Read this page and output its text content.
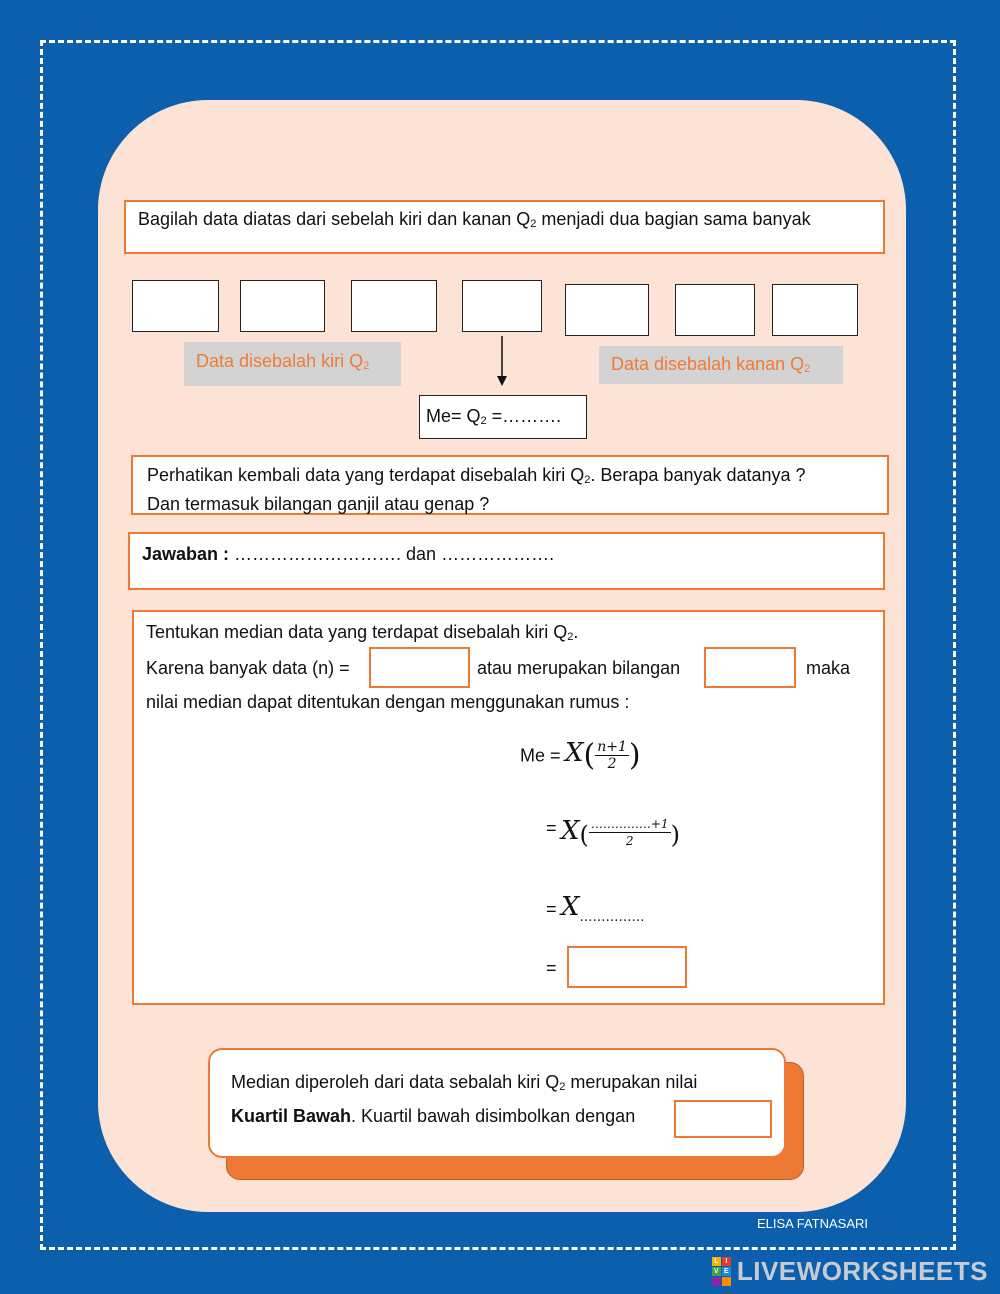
Bagilah data diatas dari sebelah kiri dan kanan Q2 menjadi dua bagian sama banyak
Data disebalah kiri Q2	Data disebalah kanan Q2
Me= Q2 =……….
Perhatikan kembali data yang terdapat disebalah kiri Q2. Berapa banyak datanya ?
Dan termasuk bilangan ganjil atau genap ?
Jawaban : ………………………. dan ……………….
Tentukan median data yang terdapat disebalah kiri Q2.
Karena banyak data (n) =	atau merupakan bilangan	maka
nilai median dapat ditentukan dengan menggunakan rumus :
$Me = X( \frac{n+1}{2}$ )
= $X( \frac{\dots\dots\dots\dots\dots+1}{2}$ )
= $X_{\dots\dots\dots\dots\dots}$
=
Median diperoleh dari data sebalah kiri Q2 merupakan nilai
Kuartil Bawah. Kuartil bawah disimbolkan dengan
ELISA FATNASARI
L I
V E LIVEWORKSHEETS
